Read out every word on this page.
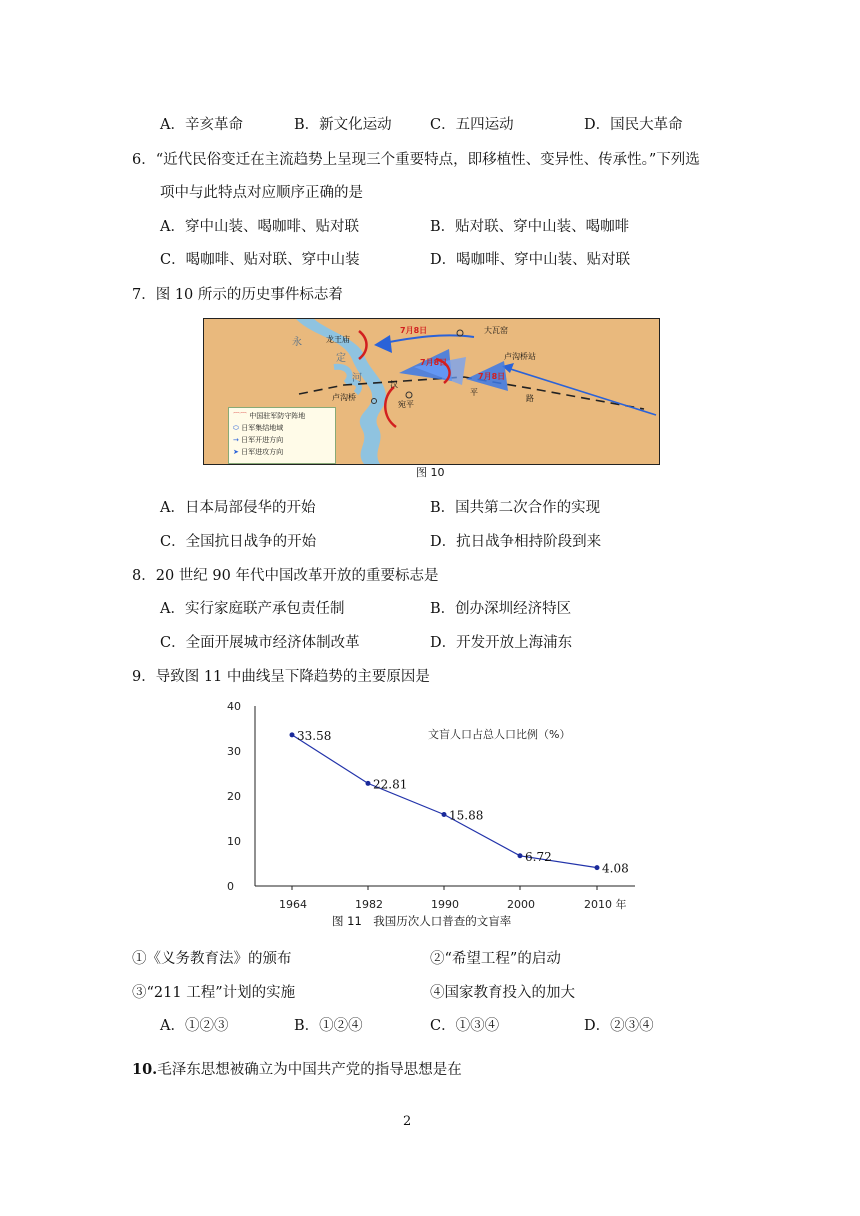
A．辛亥革命	B．新文化运动	C．五四运动	D．国民大革命
6．“近代民俗变迁在主流趋势上呈现三个重要特点，即移植性、变异性、传承性。”下列选
项中与此特点对应顺序正确的是
A．穿中山装、喝咖啡、贴对联	B．贴对联、穿中山装、喝咖啡
C．喝咖啡、贴对联、穿中山装	D．喝咖啡、穿中山装、贴对联
7．图 10 所示的历史事件标志着
永
定
河
龙王庙
大瓦窑
卢沟桥站
卢沟桥
宛平
7月8日
7月8日
7月8日
平
路
汉
⌒⌒ 中国驻军防守阵地
⬭ 日军集结地域
→ 日军开进方向
➤ 日军进攻方向
图 10
A．日本局部侵华的开始	B．国共第二次合作的实现
C．全国抗日战争的开始	D．抗日战争相持阶段到来
8．20 世纪 90 年代中国改革开放的重要标志是
A．实行家庭联产承包责任制	B．创办深圳经济特区
C．全面开展城市经济体制改革	D．开发开放上海浦东
9．导致图 11 中曲线呈下降趋势的主要原因是
0
10
20
30
40
1964	1982	1990	2000	2010 年
33.58
22.81
15.88
6.72
4.08
文盲人口占总人口比例（%）
图 11　我国历次人口普查的文盲率
①《义务教育法》的颁布	②“希望工程”的启动
③“211 工程”计划的实施	④国家教育投入的加大
A．①②③	B．①②④	C．①③④	D．②③④
10.毛泽东思想被确立为中国共产党的指导思想是在
2
